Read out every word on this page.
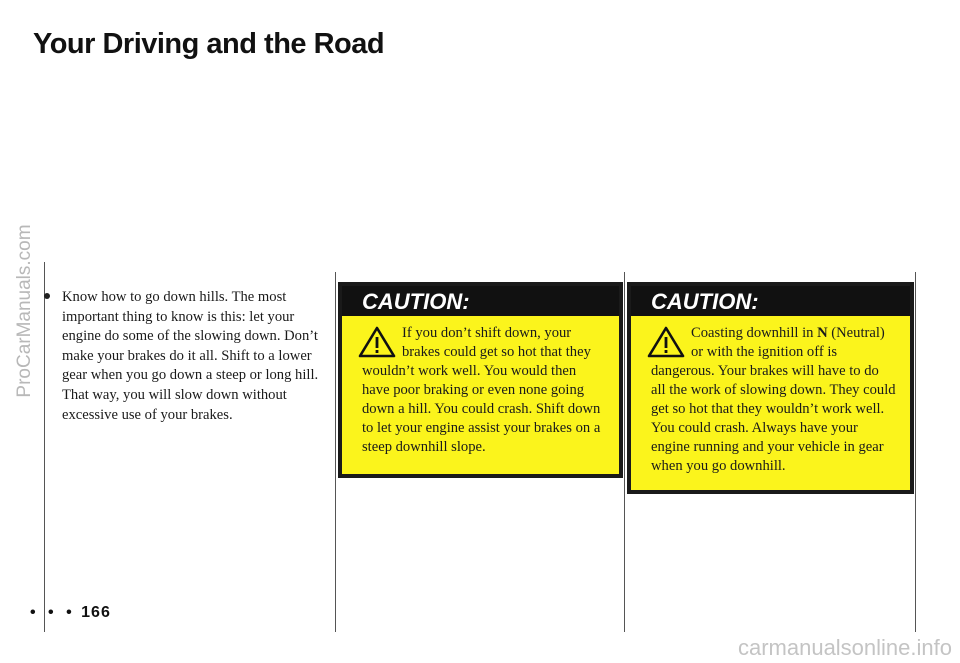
Your Driving and the Road
ProCarManuals.com	Know how to go down hills. The most important thing to know is this: let your engine do some of the slowing down. Don’t make your brakes do it all. Shift to a lower gear when you go down a steep or long hill. That way, you will slow down without excessive use of your brakes.
CAUTION:
If you don’t shift down, your brakes could get so hot that they wouldn’t work well. You would then have poor braking or even none going down a hill. You could crash. Shift down to let your engine assist your brakes on a steep downhill slope.
CAUTION:
Coasting downhill in N (Neutral) or with the ignition off is dangerous. Your brakes will have to do all the work of slowing down. They could get so hot that they wouldn’t work well. You could crash. Always have your engine running and your vehicle in gear when you go downhill.
• • • 166
carmanualsonline.info
